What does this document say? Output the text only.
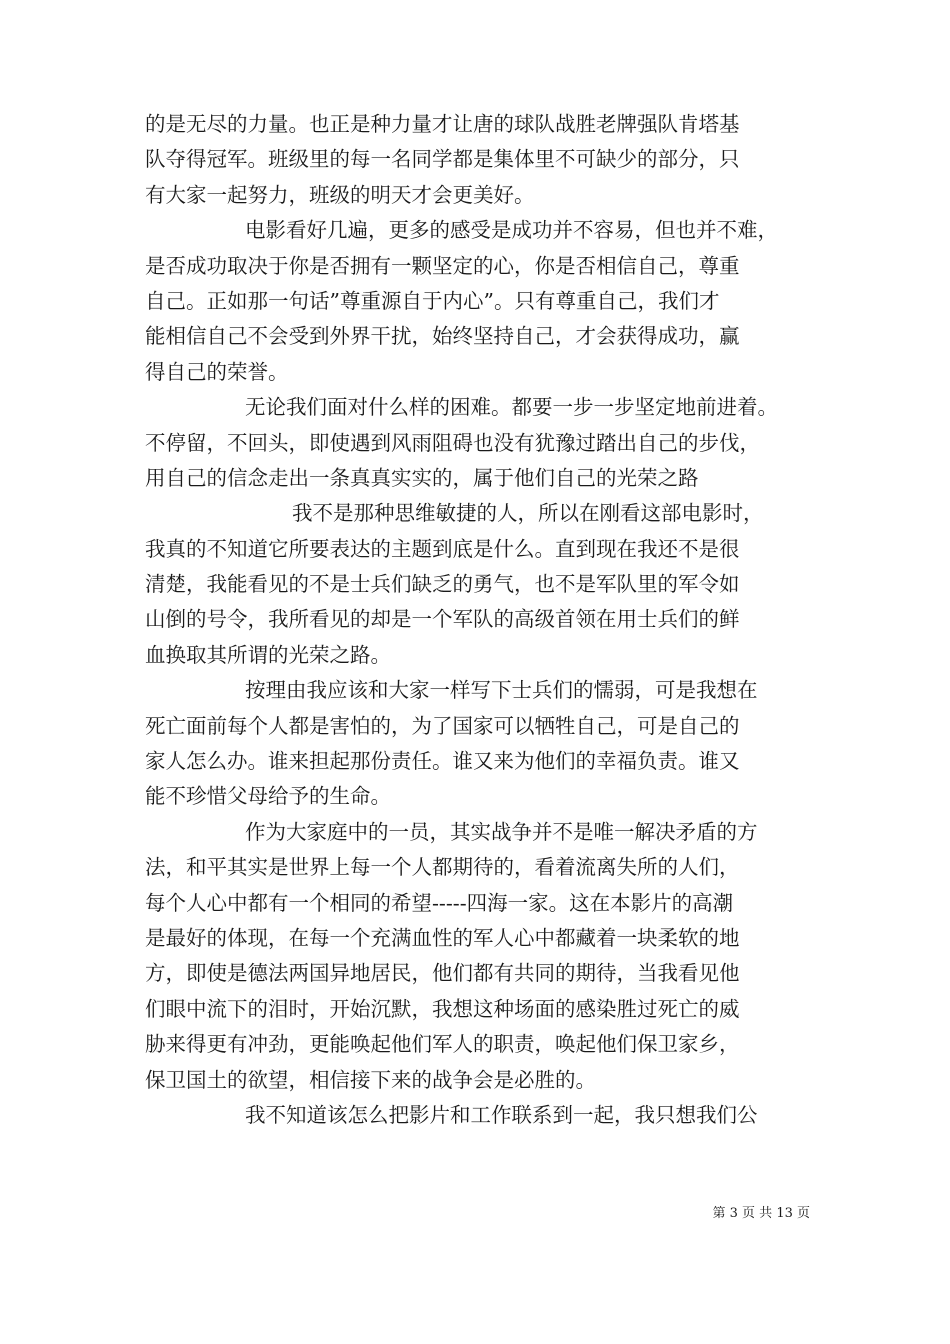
的是无尽的力量。也正是种力量才让唐的球队战胜老牌强队肯塔基
队夺得冠军。班级里的每一名同学都是集体里不可缺少的部分，只
有大家一起努力，班级的明天才会更美好。
电影看好几遍，更多的感受是成功并不容易，但也并不难，
是否成功取决于你是否拥有一颗坚定的心，你是否相信自己，尊重
自己。正如那一句话”尊重源自于内心”。只有尊重自己，我们才
能相信自己不会受到外界干扰，始终坚持自己，才会获得成功，赢
得自己的荣誉。
无论我们面对什么样的困难。都要一步一步坚定地前进着。
不停留，不回头，即使遇到风雨阻碍也没有犹豫过踏出自己的步伐，
用自己的信念走出一条真真实实的，属于他们自己的光荣之路
我不是那种思维敏捷的人，所以在刚看这部电影时，
我真的不知道它所要表达的主题到底是什么。直到现在我还不是很
清楚，我能看见的不是士兵们缺乏的勇气，也不是军队里的军令如
山倒的号令，我所看见的却是一个军队的高级首领在用士兵们的鲜
血换取其所谓的光荣之路。
按理由我应该和大家一样写下士兵们的懦弱，可是我想在
死亡面前每个人都是害怕的，为了国家可以牺牲自己，可是自己的
家人怎么办。谁来担起那份责任。谁又来为他们的幸福负责。谁又
能不珍惜父母给予的生命。
作为大家庭中的一员，其实战争并不是唯一解决矛盾的方
法，和平其实是世界上每一个人都期待的，看着流离失所的人们，
每个人心中都有一个相同的希望-----四海一家。这在本影片的高潮
是最好的体现，在每一个充满血性的军人心中都藏着一块柔软的地
方，即使是德法两国异地居民，他们都有共同的期待，当我看见他
们眼中流下的泪时，开始沉默，我想这种场面的感染胜过死亡的威
胁来得更有冲劲，更能唤起他们军人的职责，唤起他们保卫家乡，
保卫国土的欲望，相信接下来的战争会是必胜的。
我不知道该怎么把影片和工作联系到一起，我只想我们公
第 3 页 共 13 页
